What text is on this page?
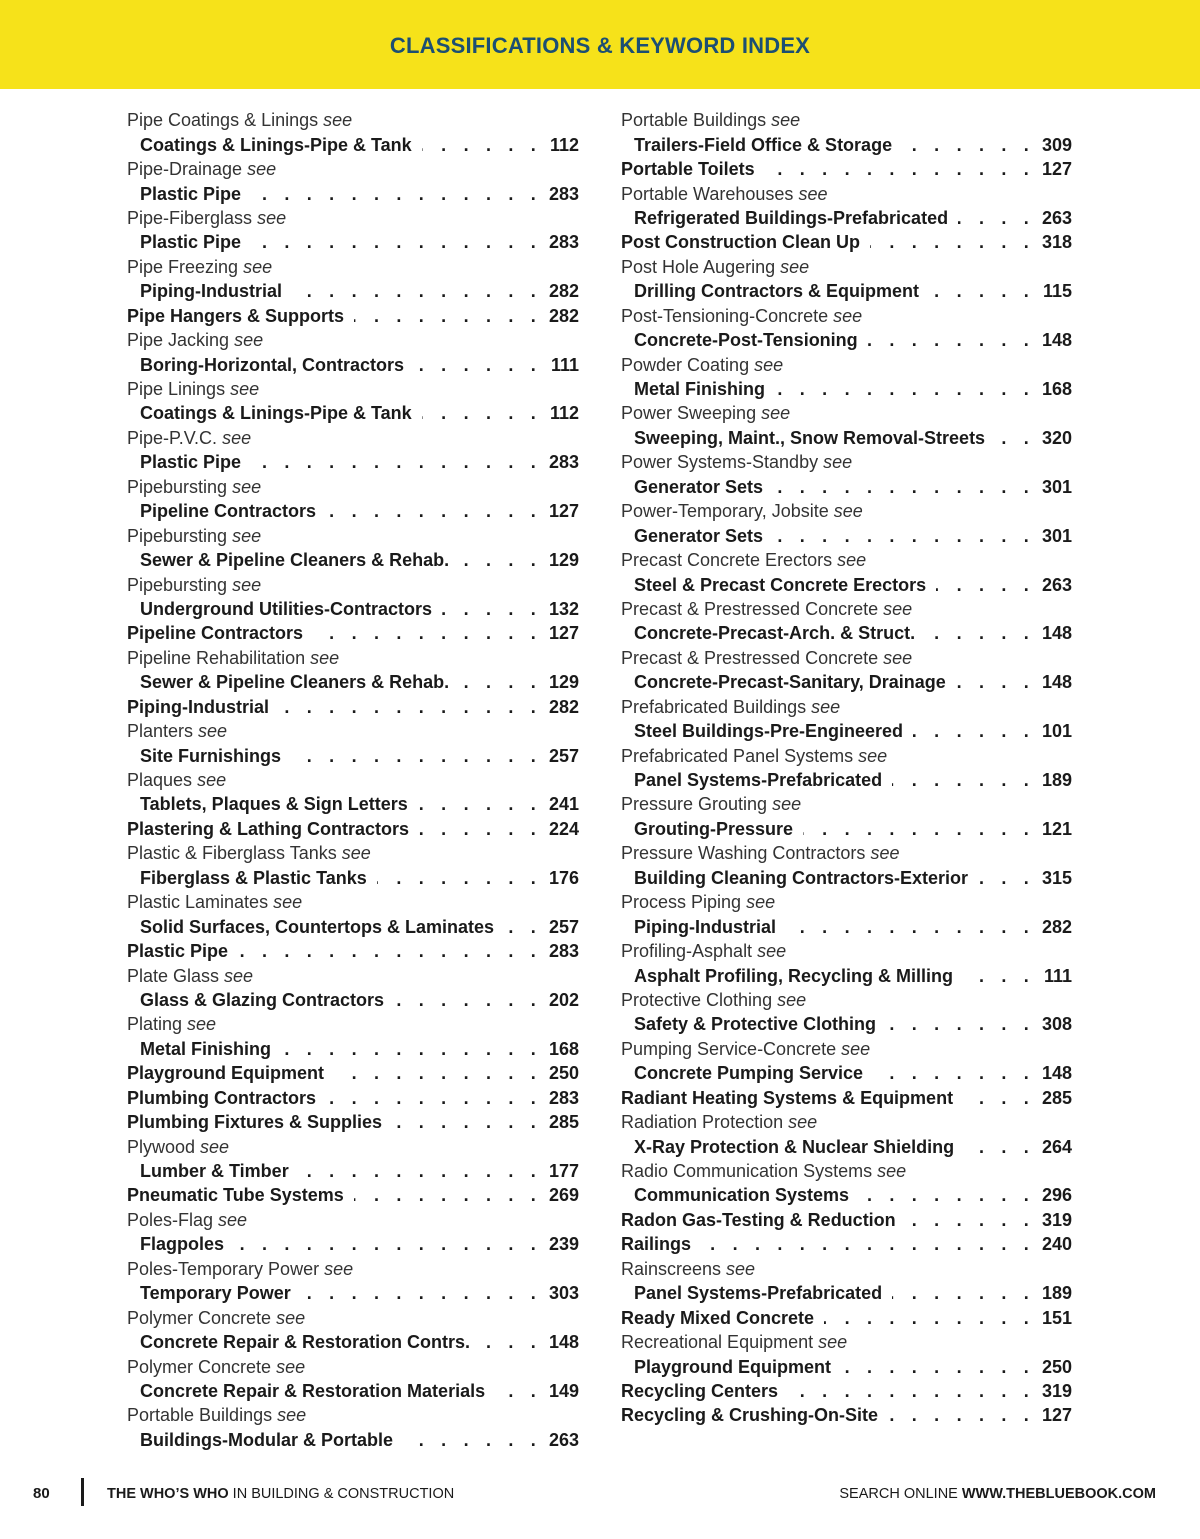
CLASSIFICATIONS & KEYWORD INDEX
Pipe Coatings & Linings see
Coatings & Linings-Pipe & Tank . . .	112
Pipe-Drainage see
Plastic Pipe . . .	283
Pipe-Fiberglass see
Plastic Pipe . . .	283
Pipe Freezing see
Piping-Industrial . . .	282
Pipe Hangers & Supports . . .	282
Pipe Jacking see
Boring-Horizontal, Contractors . . .	111
Pipe Linings see
Coatings & Linings-Pipe & Tank . . .	112
Pipe-P.V.C. see
Plastic Pipe . . .	283
Pipebursting see
Pipeline Contractors . . .	127
Pipebursting see
Sewer & Pipeline Cleaners & Rehab. . . .	129
Pipebursting see
Underground Utilities-Contractors . . .	132
Pipeline Contractors . . .	127
Pipeline Rehabilitation see
Sewer & Pipeline Cleaners & Rehab. . . .	129
Piping-Industrial . . .	282
Planters see
Site Furnishings . . .	257
Plaques see
Tablets, Plaques & Sign Letters . . .	241
Plastering & Lathing Contractors . . .	224
Plastic & Fiberglass Tanks see
Fiberglass & Plastic Tanks . . .	176
Plastic Laminates see
Solid Surfaces, Countertops & Laminates . . .	257
Plastic Pipe . . .	283
Plate Glass see
Glass & Glazing Contractors . . .	202
Plating see
Metal Finishing . . .	168
Playground Equipment . . .	250
Plumbing Contractors . . .	283
Plumbing Fixtures & Supplies . . .	285
Plywood see
Lumber & Timber . . .	177
Pneumatic Tube Systems . . .	269
Poles-Flag see
Flagpoles . . .	239
Poles-Temporary Power see
Temporary Power . . .	303
Polymer Concrete see
Concrete Repair & Restoration Contrs. . . .	148
Polymer Concrete see
Concrete Repair & Restoration Materials . . .	149
Portable Buildings see
Buildings-Modular & Portable . . .	263
Portable Buildings see
Trailers-Field Office & Storage . . .	309
Portable Toilets . . .	127
Portable Warehouses see
Refrigerated Buildings-Prefabricated . . .	263
Post Construction Clean Up . . .	318
Post Hole Augering see
Drilling Contractors & Equipment . . .	115
Post-Tensioning-Concrete see
Concrete-Post-Tensioning . . .	148
Powder Coating see
Metal Finishing . . .	168
Power Sweeping see
Sweeping, Maint., Snow Removal-Streets . . .	320
Power Systems-Standby see
Generator Sets . . .	301
Power-Temporary, Jobsite see
Generator Sets . . .	301
Precast Concrete Erectors see
Steel & Precast Concrete Erectors . . .	263
Precast & Prestressed Concrete see
Concrete-Precast-Arch. & Struct. . . .	148
Precast & Prestressed Concrete see
Concrete-Precast-Sanitary, Drainage . . .	148
Prefabricated Buildings see
Steel Buildings-Pre-Engineered . . .	101
Prefabricated Panel Systems see
Panel Systems-Prefabricated . . .	189
Pressure Grouting see
Grouting-Pressure . . .	121
Pressure Washing Contractors see
Building Cleaning Contractors-Exterior . . .	315
Process Piping see
Piping-Industrial . . .	282
Profiling-Asphalt see
Asphalt Profiling, Recycling & Milling . . .	111
Protective Clothing see
Safety & Protective Clothing . . .	308
Pumping Service-Concrete see
Concrete Pumping Service . . .	148
Radiant Heating Systems & Equipment . . .	285
Radiation Protection see
X-Ray Protection & Nuclear Shielding . . .	264
Radio Communication Systems see
Communication Systems . . .	296
Radon Gas-Testing & Reduction . . .	319
Railings . . .	240
Rainscreens see
Panel Systems-Prefabricated . . .	189
Ready Mixed Concrete . . .	151
Recreational Equipment see
Playground Equipment . . .	250
Recycling Centers . . .	319
Recycling & Crushing-On-Site . . .	127
80	THE WHO’S WHO IN BUILDING & CONSTRUCTION	SEARCH ONLINE WWW.THEBLUEBOOK.COM
